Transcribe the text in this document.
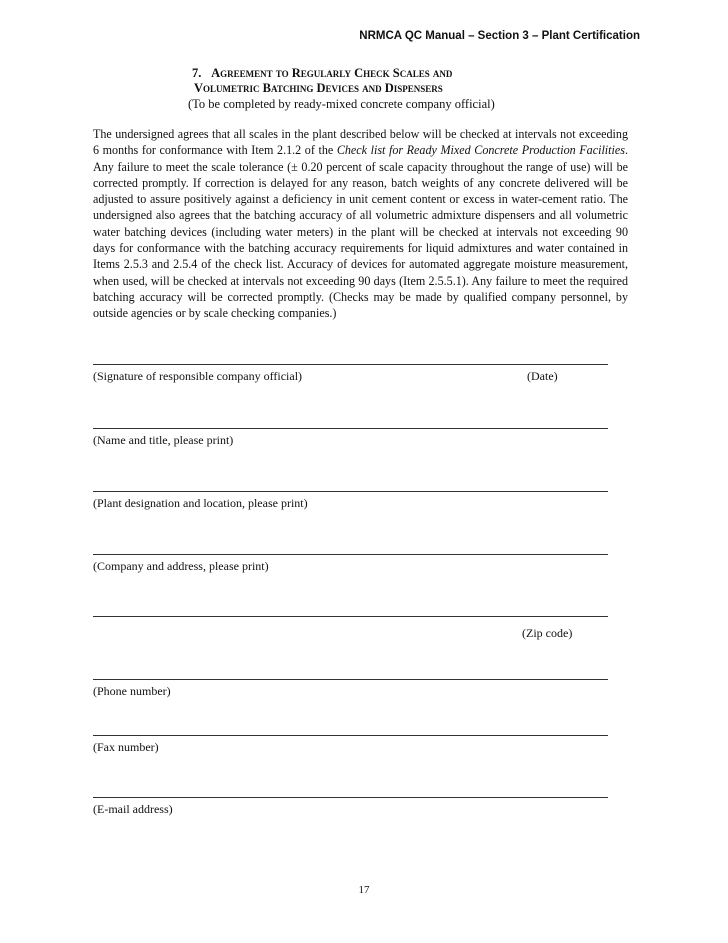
NRMCA QC Manual – Section 3 – Plant Certification
7. Agreement to Regularly Check Scales and
Volumetric Batching Devices and Dispensers
(To be completed by ready-mixed concrete company official)

The undersigned agrees that all scales in the plant described below will be checked at intervals not exceeding 6 months for conformance with Item 2.1.2 of the Check list for Ready Mixed Concrete Production Facilities. Any failure to meet the scale tolerance (± 0.20 percent of scale capacity throughout the range of use) will be corrected promptly. If correction is delayed for any reason, batch weights of any concrete delivered will be adjusted to assure positively against a deficiency in unit cement content or excess in water-cement ratio. The undersigned also agrees that the batching accuracy of all volumetric admixture dispensers and all volumetric water batching devices (including water meters) in the plant will be checked at intervals not exceeding 90 days for conformance with the batching accuracy requirements for liquid admixtures and water contained in Items 2.5.3 and 2.5.4 of the check list. Accuracy of devices for automated aggregate moisture measurement, when used, will be checked at intervals not exceeding 90 days (Item 2.5.5.1). Any failure to meet the required batching accuracy will be corrected promptly. (Checks may be made by qualified company personnel, by outside agencies or by scale checking companies.)

(Signature of responsible company official)	(Date)
(Name and title, please print)
(Plant designation and location, please print)
(Company and address, please print)
(Zip code)
(Phone number)
(Fax number)
(E-mail address)
17
